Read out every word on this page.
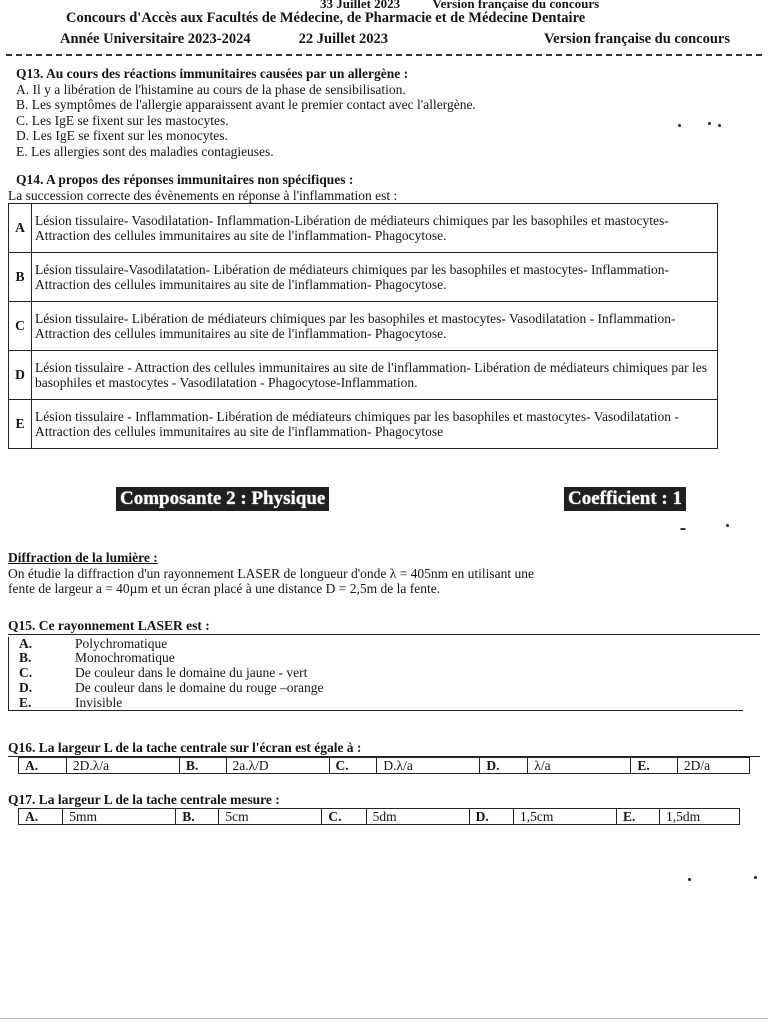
33 Juillet 2023          Version française du concours
Concours d'Accès aux Facultés de Médecine, de Pharmacie et de Médecine Dentaire
Année Universitaire 2023-2024	22 Juillet 2023	Version française du concours
Q13. Au cours des réactions immunitaires causées par un allergène :
A. Il y a libération de l'histamine au cours de la phase de sensibilisation.
B. Les symptômes de l'allergie apparaissent avant le premier contact avec l'allergène.
C. Les IgE se fixent sur les mastocytes.
D. Les IgE se fixent sur les monocytes.
E. Les allergies sont des maladies contagieuses.
Q14. A propos des réponses immunitaires non spécifiques :
La succession correcte des évènements en réponse à l'inflammation est :
A	Lésion tissulaire- Vasodilatation- Inflammation-Libération de médiateurs chimiques par les basophiles et mastocytes- Attraction des cellules immunitaires au site de l'inflammation- Phagocytose.
B	Lésion tissulaire-Vasodilatation- Libération de médiateurs chimiques par les basophiles et mastocytes- Inflammation- Attraction des cellules immunitaires au site de l'inflammation- Phagocytose.
C	Lésion tissulaire- Libération de médiateurs chimiques par les basophiles et mastocytes- Vasodilatation - Inflammation- Attraction des cellules immunitaires au site de l'inflammation- Phagocytose.
D	Lésion tissulaire - Attraction des cellules immunitaires au site de l'inflammation- Libération de médiateurs chimiques par les basophiles et mastocytes - Vasodilatation - Phagocytose-Inflammation.
E	Lésion tissulaire - Inflammation- Libération de médiateurs chimiques par les basophiles et mastocytes- Vasodilatation - Attraction des cellules immunitaires au site de l'inflammation- Phagocytose
Composante 2 : Physique	Coefficient : 1
Diffraction de la lumière :
On étudie la diffraction d'un rayonnement LASER de longueur d'onde λ = 405nm en utilisant une
fente de largeur a = 40µm et un écran placé à une distance D = 2,5m de la fente.
Q15. Ce rayonnement LASER est :
A.	Polychromatique
B.	Monochromatique
C.	De couleur dans le domaine du jaune - vert
D.	De couleur dans le domaine du rouge –orange
E.	Invisible
Q16. La largeur L de la tache centrale sur l'écran est égale à :
A.	2D.λ/a	B.	2a.λ/D	C.	D.λ/a	D.	λ/a	E.	2D/a
Q17. La largeur L de la tache centrale mesure :
A.	5mm	B.	5cm	C.	5dm	D.	1,5cm	E.	1,5dm
